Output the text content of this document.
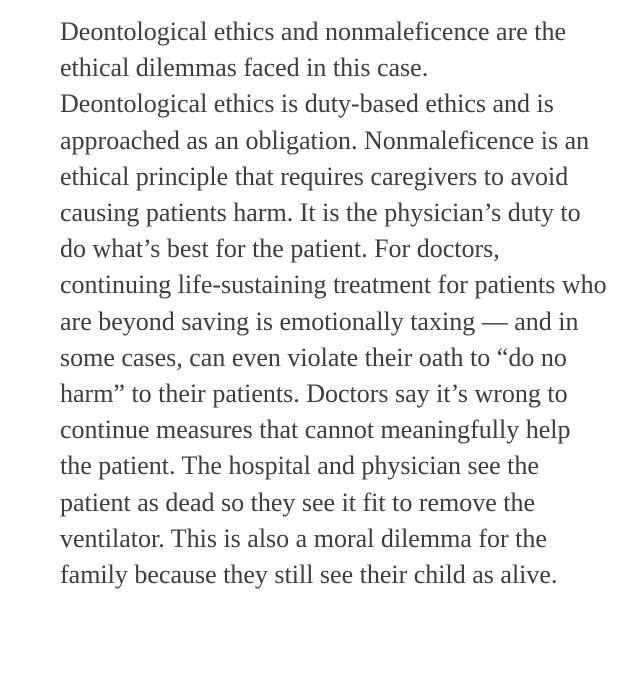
Deontological ethics and nonmaleficence are the ethical dilemmas faced in this case.
Deontological ethics is duty-based ethics and is approached as an obligation. Nonmaleficence is an ethical principle that requires caregivers to avoid causing patients harm. It is the physician’s duty to do what’s best for the patient. For doctors, continuing life-sustaining treatment for patients who are beyond saving is emotionally taxing — and in some cases, can even violate their oath to “do no harm” to their patients. Doctors say it’s wrong to continue measures that cannot meaningfully help the patient. The hospital and physician see the patient as dead so they see it fit to remove the ventilator. This is also a moral dilemma for the family because they still see their child as alive.
